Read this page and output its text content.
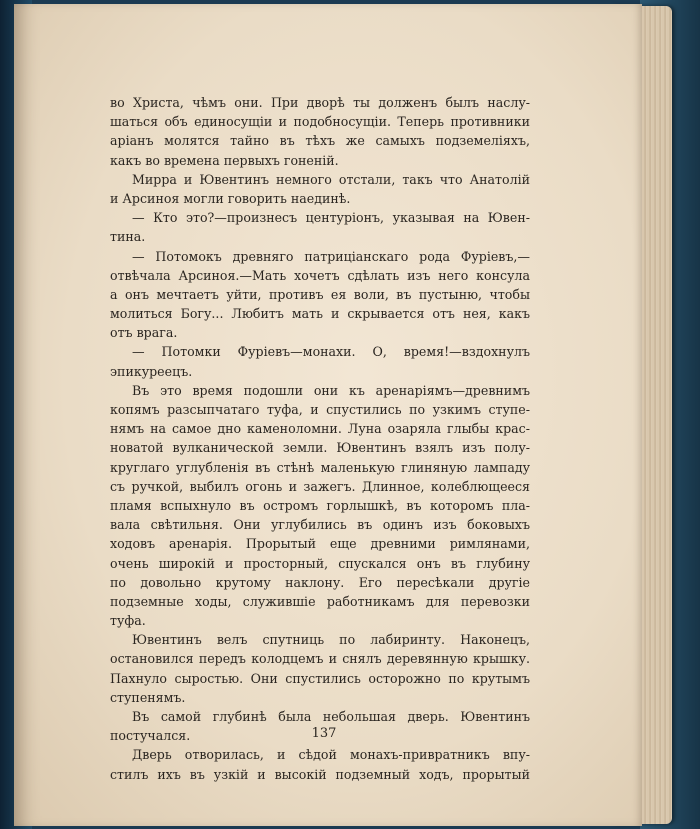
во Христа, чѣмъ они. При дворѣ ты долженъ былъ наслу-
шаться объ единосущіи и подобносущіи. Теперь противники
аріанъ молятся тайно въ тѣхъ же самыхъ подземеліяхъ,
какъ во времена первыхъ гоненій.
Мирра и Ювентинъ немного отстали, такъ что Анатолій
и Арсиноя могли говорить наединѣ.
— Кто это?—произнесъ центуріонъ, указывая на Ювен-
тина.
— Потомокъ древняго патриціанскаго рода Фуріевъ,—
отвѣчала Арсиноя.—Мать хочетъ сдѣлать изъ него консула
а онъ мечтаетъ уйти, противъ ея воли, въ пустыню, чтобы
молиться Богу... Любитъ мать и скрывается отъ нея, какъ
отъ врага.
— Потомки Фуріевъ—монахи. О, время!—вздохнулъ
эпикуреецъ.
Въ это время подошли они къ аренаріямъ—древнимъ
копямъ разсыпчатаго туфа, и спустились по узкимъ ступе-
нямъ на самое дно каменоломни. Луна озаряла глыбы крас-
новатой вулканической земли. Ювентинъ взялъ изъ полу-
круглаго углубленія въ стѣнѣ маленькую глиняную лампаду
съ ручкой, выбилъ огонь и зажегъ. Длинное, колеблющееся
пламя вспыхнуло въ остромъ горлышкѣ, въ которомъ пла-
вала свѣтильня. Они углубились въ одинъ изъ боковыхъ
ходовъ аренарія. Прорытый еще древними римлянами,
очень широкій и просторный, спускался онъ въ глубину
по довольно крутому наклону. Его пересѣкали другіе
подземные ходы, служившіе работникамъ для перевозки
туфа.
Ювентинъ велъ спутниць по лабиринту. Наконецъ,
остановился передъ колодцемъ и снялъ деревянную крышку.
Пахнуло сыростью. Они спустились осторожно по крутымъ
ступенямъ.
Въ самой глубинѣ была небольшая дверь. Ювентинъ
постучался.
Дверь отворилась, и сѣдой монахъ-привратникъ впу-
стилъ ихъ въ узкій и высокій подземный ходъ, прорытый
137
